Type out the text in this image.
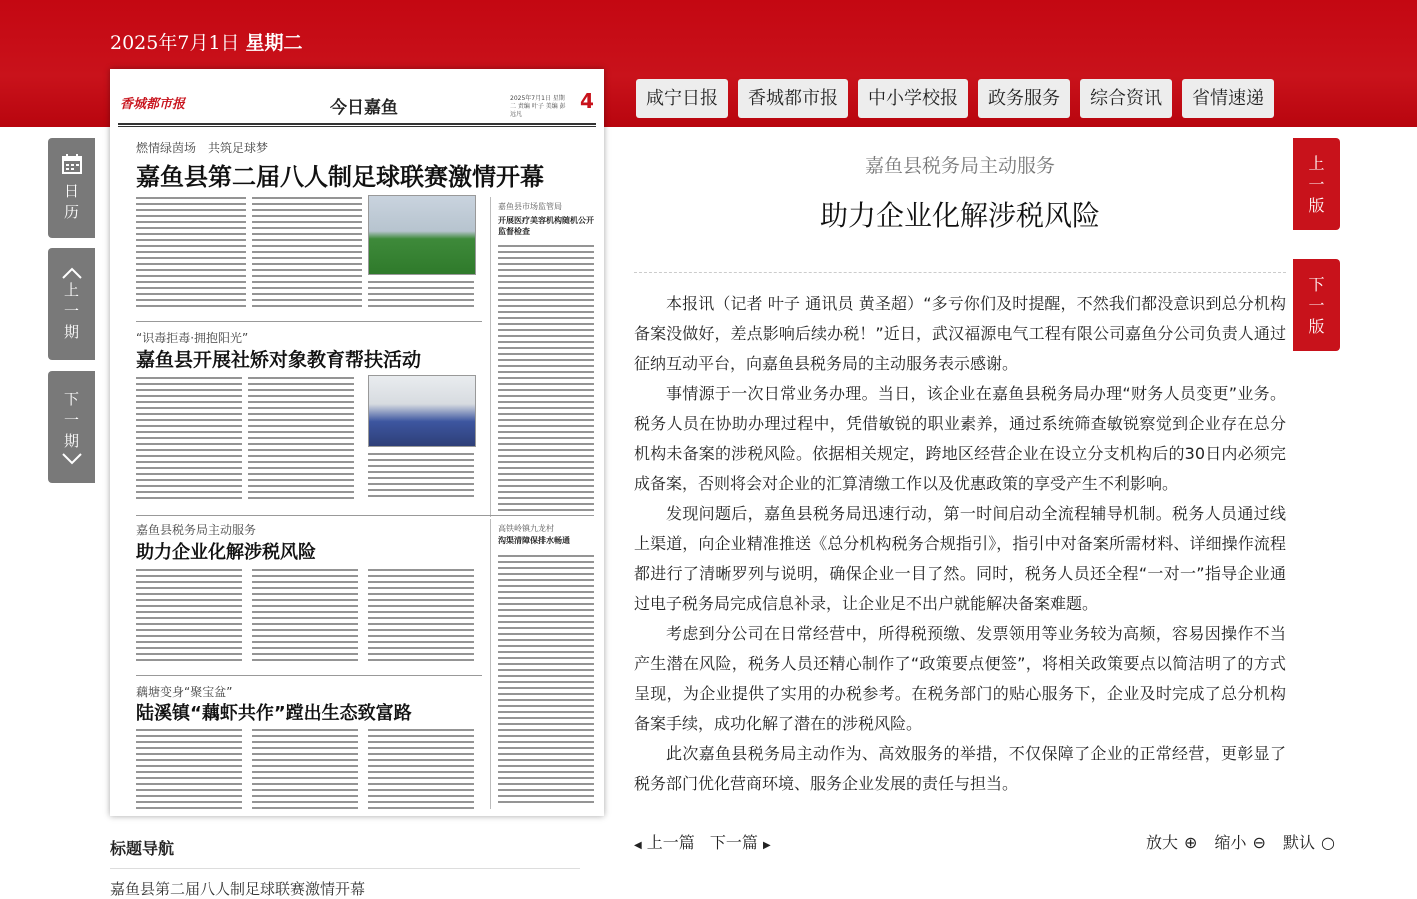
2025年7月1日 星期二
咸宁日报	香城都市报	中小学校报	政务服务	综合资讯	省情速递
日历
上
一
期
下
一
期
上
一
版
下
一
版
香城都市报	今日嘉鱼	2025年7月1日 星期二 责编 叶子 美编 彭远凡
4
燃情绿茵场　共筑足球梦
嘉鱼县第二届八人制足球联赛激情开幕
嘉鱼县市场监管局
开展医疗美容机构随机公开监督检查
“识毒拒毒·拥抱阳光”
嘉鱼县开展社矫对象教育帮扶活动
嘉鱼县税务局主动服务
助力企业化解涉税风险
高铁岭镇九龙村
沟渠清障保排水畅通
藕塘变身“聚宝盆”
陆溪镇“藕虾共作”蹚出生态致富路
标题导航
嘉鱼县第二届八人制足球联赛激情开幕
嘉鱼县税务局主动服务
助力企业化解涉税风险

本报讯（记者 叶子 通讯员 黄圣超）“多亏你们及时提醒，不然我们都没意识到总分机构备案没做好，差点影响后续办税！”近日，武汉福源电气工程有限公司嘉鱼分公司负责人通过征纳互动平台，向嘉鱼县税务局的主动服务表示感谢。

事情源于一次日常业务办理。当日，该企业在嘉鱼县税务局办理“财务人员变更”业务。税务人员在协助办理过程中，凭借敏锐的职业素养，通过系统筛查敏锐察觉到企业存在总分机构未备案的涉税风险。依据相关规定，跨地区经营企业在设立分支机构后的30日内必须完成备案，否则将会对企业的汇算清缴工作以及优惠政策的享受产生不利影响。

发现问题后，嘉鱼县税务局迅速行动，第一时间启动全流程辅导机制。税务人员通过线上渠道，向企业精准推送《总分机构税务合规指引》，指引中对备案所需材料、详细操作流程都进行了清晰罗列与说明，确保企业一目了然。同时，税务人员还全程“一对一”指导企业通过电子税务局完成信息补录，让企业足不出户就能解决备案难题。

考虑到分公司在日常经营中，所得税预缴、发票领用等业务较为高频，容易因操作不当产生潜在风险，税务人员还精心制作了“政策要点便签”，将相关政策要点以简洁明了的方式呈现，为企业提供了实用的办税参考。在税务部门的贴心服务下，企业及时完成了总分机构备案手续，成功化解了潜在的涉税风险。

此次嘉鱼县税务局主动作为、高效服务的举措，不仅保障了企业的正常经营，更彰显了税务部门优化营商环境、服务企业发展的责任与担当。

◀ 上一篇 下一篇 ▶	放大 ⊕ 缩小 ⊖ 默认 ○
